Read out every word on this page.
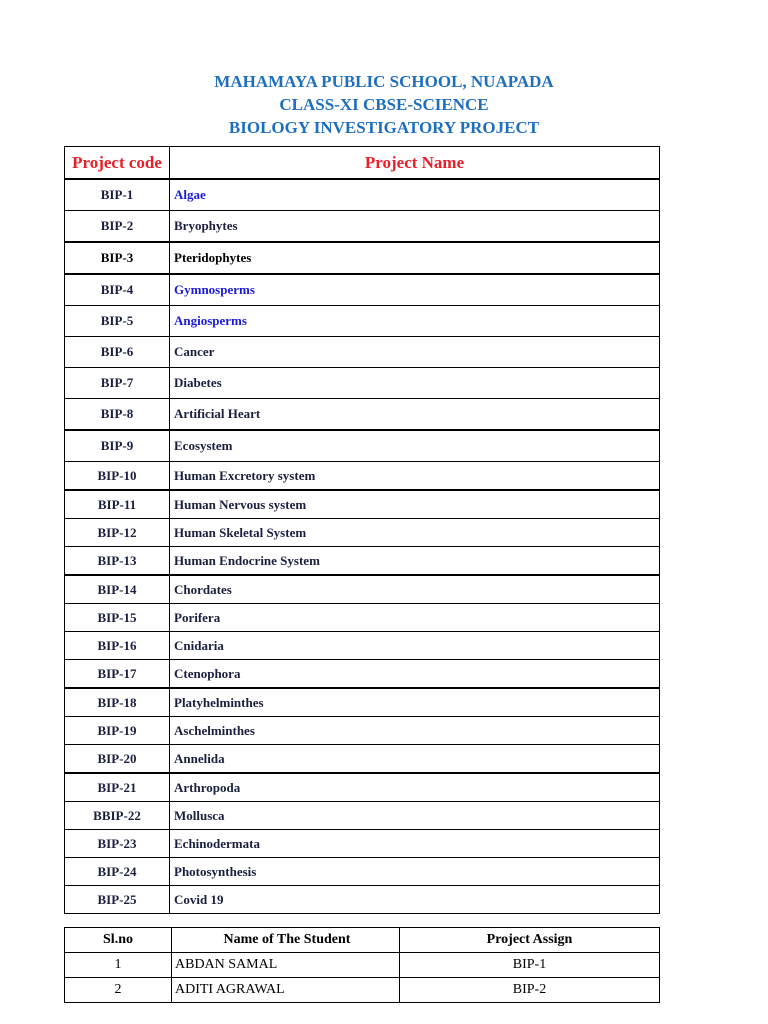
MAHAMAYA PUBLIC SCHOOL, NUAPADA
CLASS-XI CBSE-SCIENCE
BIOLOGY INVESTIGATORY PROJECT
Project code	Project Name
BIP-1	Algae
BIP-2	Bryophytes
BIP-3	Pteridophytes
BIP-4	Gymnosperms
BIP-5	Angiosperms
BIP-6	Cancer
BIP-7	Diabetes
BIP-8	Artificial Heart
BIP-9	Ecosystem
BIP-10	Human Excretory system
BIP-11	Human Nervous system
BIP-12	Human Skeletal System
BIP-13	Human Endocrine System
BIP-14	Chordates
BIP-15	Porifera
BIP-16	Cnidaria
BIP-17	Ctenophora
BIP-18	Platyhelminthes
BIP-19	Aschelminthes
BIP-20	Annelida
BIP-21	Arthropoda
BBIP-22	Mollusca
BIP-23	Echinodermata
BIP-24	Photosynthesis
BIP-25	Covid 19
Sl.no	Name of The Student	Project Assign
1	ABDAN SAMAL	BIP-1
2	ADITI AGRAWAL	BIP-2
